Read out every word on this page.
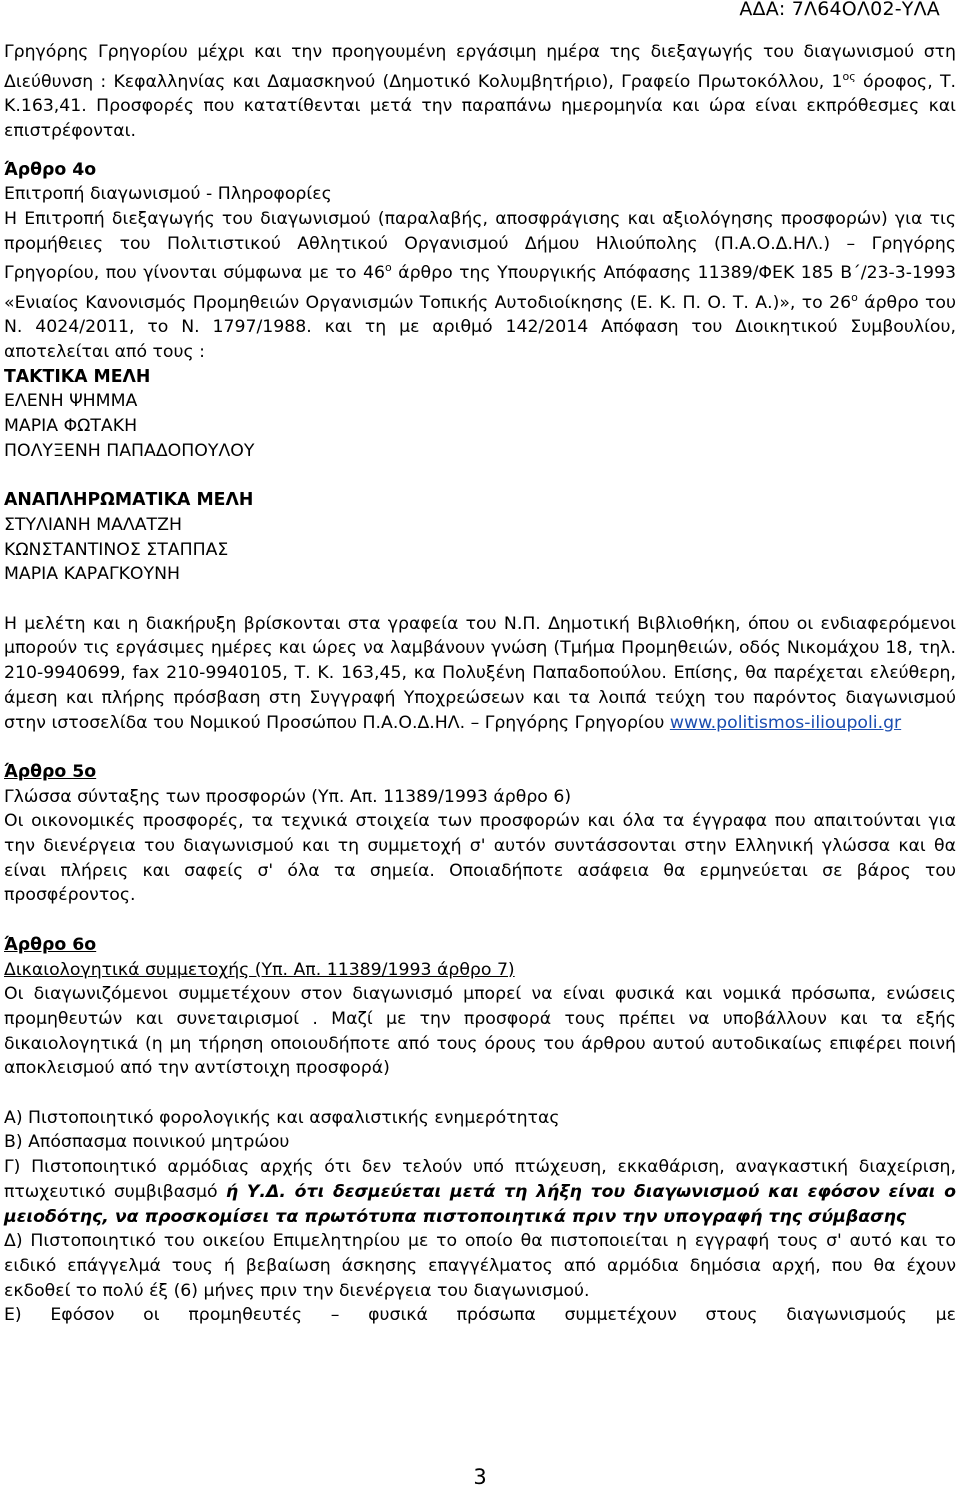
ΑΔΑ: 7Λ64ΟΛ02-ΥΛΑ

Γρηγόρης Γρηγορίου μέχρι και την προηγουμένη εργάσιμη ημέρα της διεξαγωγής του διαγωνισμού στη Διεύθυνση : Κεφαλληνίας και Δαμασκηνού (Δημοτικό Κολυμβητήριο), Γραφείο Πρωτοκόλλου, $1^{o\varsigma}$ όροφος, Τ. Κ.163,41. Προσφορές που κατατίθενται μετά την παραπάνω ημερομηνία και ώρα είναι εκπρόθεσμες και επιστρέφονται.

Άρθρο 4ο
Επιτροπή διαγωνισμού - Πληροφορίες

Η Επιτροπή διεξαγωγής του διαγωνισμού (παραλαβής, αποσφράγισης και αξιολόγησης προσφορών) για τις προμήθειες του Πολιτιστικού Αθλητικού Οργανισμού Δήμου Ηλιούπολης (Π.Α.Ο.Δ.ΗΛ.) – Γρηγόρης Γρηγορίου, που γίνονται σύμφωνα με το $46^o$ άρθρο της Υπουργικής Απόφασης 11389/ΦΕΚ 185 Β΄/23-3-1993 «Ενιαίος Κανονισμός Προμηθειών Οργανισμών Τοπικής Αυτοδιοίκησης (Ε. Κ. Π. Ο. Τ. Α.)», το $26^o$ άρθρο του Ν. 4024/2011, το Ν. 1797/1988. και τη με αριθμό 142/2014 Απόφαση του Διοικητικού Συμβουλίου, αποτελείται από τους :

ΤΑΚΤΙΚΑ ΜΕΛΗ
ΕΛΕΝΗ ΨΗΜΜΑ
ΜΑΡΙΑ ΦΩΤΑΚΗ
ΠΟΛΥΞΕΝΗ ΠΑΠΑΔΟΠΟΥΛΟΥ
ΑΝΑΠΛΗΡΩΜΑΤΙΚΑ ΜΕΛΗ
ΣΤΥΛΙΑΝΗ ΜΑΛΑΤΖΗ
ΚΩΝΣΤΑΝΤΙΝΟΣ ΣΤΑΠΠΑΣ
ΜΑΡΙΑ ΚΑΡΑΓΚΟΥΝΗ

Η μελέτη και η διακήρυξη βρίσκονται στα γραφεία του Ν.Π. Δημοτική Βιβλιοθήκη, όπου οι ενδιαφερόμενοι μπορούν τις εργάσιμες ημέρες και ώρες να λαμβάνουν γνώση (Τμήμα Προμηθειών, οδός Νικομάχου 18, τηλ. 210-9940699, fax 210-9940105, Τ. Κ. 163,45, κα Πολυξένη Παπαδοπούλου. Επίσης, θα παρέχεται ελεύθερη, άμεση και πλήρης πρόσβαση στη Συγγραφή Υποχρεώσεων και τα λοιπά τεύχη του παρόντος διαγωνισμού στην ιστοσελίδα του Νομικού Προσώπου Π.Α.Ο.Δ.ΗΛ. – Γρηγόρης Γρηγορίου www.politismos-ilioupoli.gr

Άρθρο 5ο
Γλώσσα σύνταξης των προσφορών (Υπ. Απ. 11389/1993 άρθρο 6)

Οι οικονομικές προσφορές, τα τεχνικά στοιχεία των προσφορών και όλα τα έγγραφα που απαιτούνται για την διενέργεια του διαγωνισμού και τη συμμετοχή σ' αυτόν συντάσσονται στην Ελληνική γλώσσα και θα είναι πλήρεις και σαφείς σ' όλα τα σημεία. Οποιαδήποτε ασάφεια θα ερμηνεύεται σε βάρος του προσφέροντος.

Άρθρο 6ο
Δικαιολογητικά συμμετοχής (Υπ. Απ. 11389/1993 άρθρο 7)

Οι διαγωνιζόμενοι συμμετέχουν στον διαγωνισμό μπορεί να είναι φυσικά και νομικά πρόσωπα, ενώσεις προμηθευτών και συνεταιρισμοί . Μαζί με την προσφορά τους πρέπει να υποβάλλουν και τα εξής δικαιολογητικά (η μη τήρηση οποιουδήποτε από τους όρους του άρθρου αυτού αυτοδικαίως επιφέρει ποινή αποκλεισμού από την αντίστοιχη προσφορά)

Α) Πιστοποιητικό φορολογικής και ασφαλιστικής ενημερότητας
Β) Απόσπασμα ποινικού μητρώου

Γ) Πιστοποιητικό αρμόδιας αρχής ότι δεν τελούν υπό πτώχευση, εκκαθάριση, αναγκαστική διαχείριση, πτωχευτικό συμβιβασμό ή Υ.Δ. ότι δεσμεύεται μετά τη λήξη του διαγωνισμού και εφόσον είναι ο μειοδότης, να προσκομίσει τα πρωτότυπα πιστοποιητικά πριν την υπογραφή της σύμβασης

Δ) Πιστοποιητικό του οικείου Επιμελητηρίου με το οποίο θα πιστοποιείται η εγγραφή τους σ' αυτό και το ειδικό επάγγελμά τους ή βεβαίωση άσκησης επαγγέλματος από αρμόδια δημόσια αρχή, που θα έχουν εκδοθεί το πολύ έξ (6) μήνες πριν την διενέργεια του διαγωνισμού.

Ε) Εφόσον οι προμηθευτές – φυσικά πρόσωπα συμμετέχουν στους διαγωνισμούς με

3
